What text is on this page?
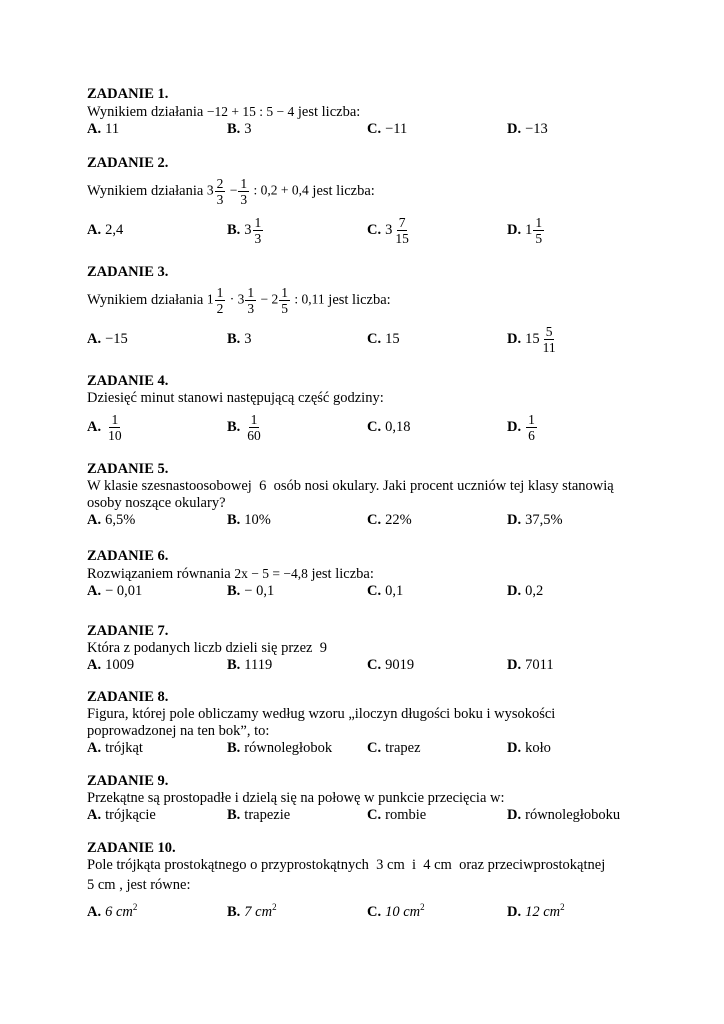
ZADANIE 1.
Wynikiem działania −12 + 15 : 5 − 4 jest liczba:
A. 11	B. 3	C. −11	D. −13
ZADANIE 2.
Wynikiem działania
$3 \frac{2}{3} - \frac{1}{3}$ : 0,2 + 0,4
jest liczba:
A. 2,4	B. $3 \frac{1}{3}$	C. $3 \frac{7}{15}$	D. $1 \frac{1}{5}$
ZADANIE 3.
Wynikiem działania
$1 \frac{1}{2} \cdot 3 \frac{1}{3} - 2 \frac{1}{5}$ : 0,11
jest liczba:
A. −15	B. 3	C. 15	D. $15 \frac{5}{11}$
ZADANIE 4.
Dziesięć minut stanowi następującą część godziny:
A. $\frac{1}{10}$	B. $\frac{1}{60}$	C. 0,18	D. $\frac{1}{6}$
ZADANIE 5.
W klasie szesnastoosobowej  6  osób nosi okulary. Jaki procent uczniów tej klasy stanowią
osoby noszące okulary?
A. 6,5%	B. 10%	C. 22%	D. 37,5%
ZADANIE 6.
Rozwiązaniem równania 2x − 5 = −4,8 jest liczba:
A. − 0,01	B. − 0,1	C. 0,1	D. 0,2
ZADANIE 7.
Która z podanych liczb dzieli się przez  9
A. 1009	B. 1119	C. 9019	D. 7011
ZADANIE 8.
Figura, której pole obliczamy według wzoru „iloczyn długości boku i wysokości
poprowadzonej na ten bok”, to:
A. trójkąt	B. równoległobok C. trapez	D. koło
ZADANIE 9.
Przekątne są prostopadłe i dzielą się na połowę w punkcie przecięcia w:
A. trójkącie	B. trapezie	C. rombie	D. równoległoboku
ZADANIE 10.
Pole trójkąta prostokątnego o przyprostokątnych  3 cm  i  4 cm  oraz przeciwprostokątnej
5 cm , jest równe:
A. 6 $cm^2$	B. 7 $cm^2$	C. 10 $cm^2$	D. 12 $cm^2$
